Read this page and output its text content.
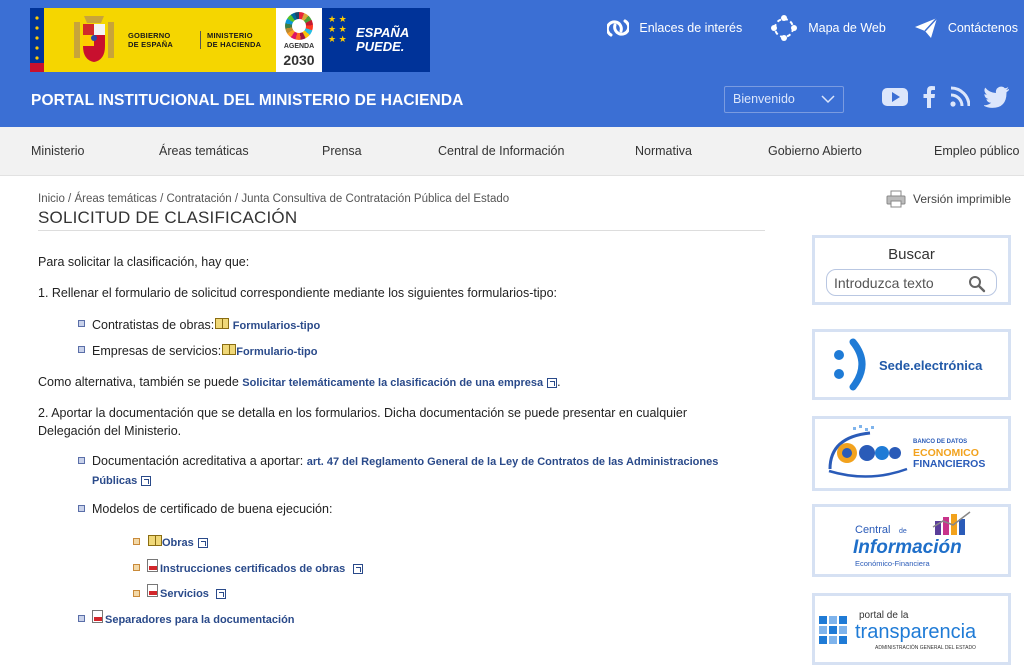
GOBIERNO
DE ESPAÑA
MINISTERIO
DE HACIENDA	AGENDA
2030
★ ★
★ ★
★ ★ ESPAÑA
PUEDE.
Enlaces de interés	Mapa de Web	Contáctenos
PORTAL INSTITUCIONAL DEL MINISTERIO DE HACIENDA	Bienvenido
Ministerio	Áreas temáticas	Prensa	Central de Información	Normativa	Gobierno Abierto	Empleo público
Inicio / Áreas temáticas / Contratación / Junta Consultiva de Contratación Pública del Estado
SOLICITUD DE CLASIFICACIÓN
Versión imprimible
Para solicitar la clasificación, hay que:
1. Rellenar el formulario de solicitud correspondiente mediante los siguientes formularios-tipo:
Contratistas de obras: Formularios-tipo
Empresas de servicios: Formulario-tipo
Como alternativa, también se puede Solicitar telemáticamente la clasificación de una empresa .
2. Aportar la documentación que se detalla en los formularios. Dicha documentación se puede presentar en cualquier
Delegación del Ministerio.
Documentación acreditativa a aportar: art. 47 del Reglamento General de la Ley de Contratos de las Administraciones
Públicas
Modelos de certificado de buena ejecución:
Obras
Instrucciones certificados de obras
Servicios
Separadores para la documentación
Buscar
Introduzca texto
Sede.electrónica
BANCO DE DATOS
ECONOMICO
FINANCIEROS
Central de
Información
Económico-Financiera
portal de la
transparencia
ADMINISTRACIÓN GENERAL DEL ESTADO
